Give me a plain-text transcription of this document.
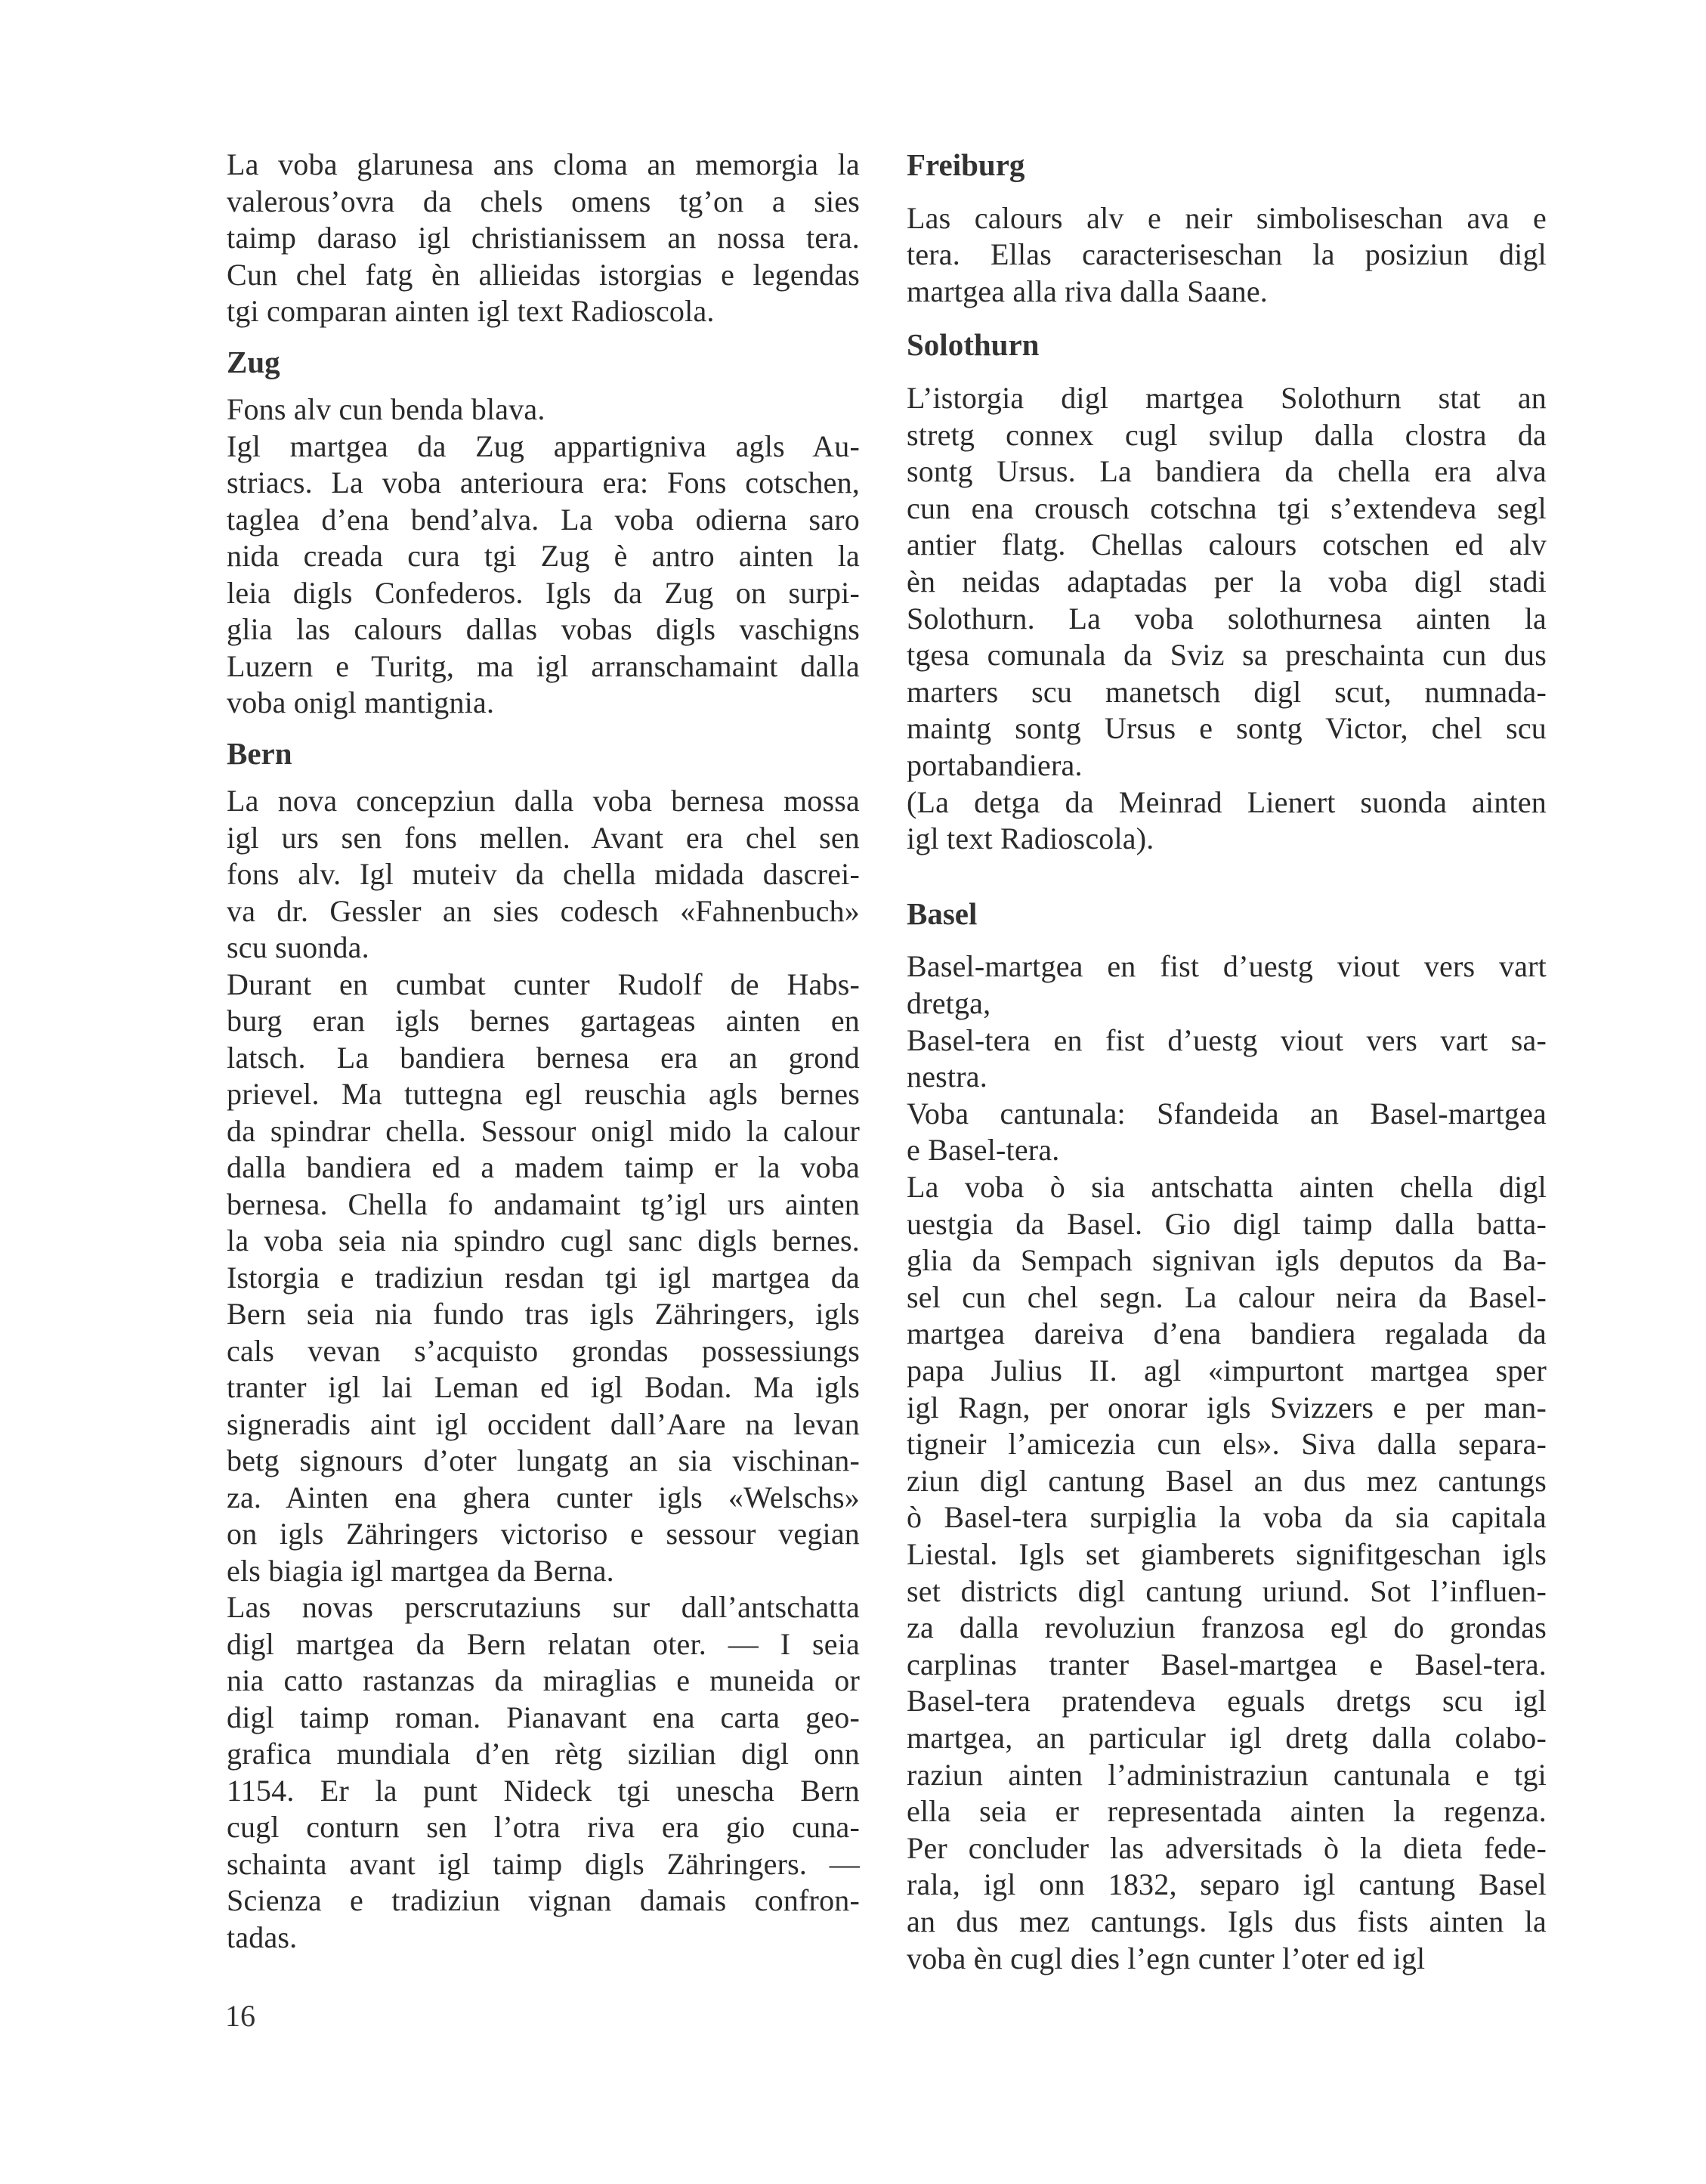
La voba glarunesa ans cloma an memorgia la
valerous’ovra da chels omens tg’on a sies
taimp daraso igl christianissem an nossa tera.
Cun chel fatg èn allieidas istorgias e legendas
tgi comparan ainten igl text Radioscola.
Zug
Fons alv cun benda blava.
Igl martgea da Zug appartigniva agls Au-
striacs. La voba anterioura era: Fons cotschen,
taglea d’ena bend’alva. La voba odierna saro
nida creada cura tgi Zug è antro ainten la
leia digls Confederos. Igls da Zug on surpi-
glia las calours dallas vobas digls vaschigns
Luzern e Turitg, ma igl arranschamaint dalla
voba onigl mantignia.
Bern
La nova concepziun dalla voba bernesa mossa
igl urs sen fons mellen. Avant era chel sen
fons alv. Igl muteiv da chella midada dascrei-
va dr. Gessler an sies codesch «Fahnenbuch»
scu suonda.
Durant en cumbat cunter Rudolf de Habs-
burg eran igls bernes gartageas ainten en
latsch. La bandiera bernesa era an grond
prievel. Ma tuttegna egl reuschia agls bernes
da spindrar chella. Sessour onigl mido la calour
dalla bandiera ed a madem taimp er la voba
bernesa. Chella fo andamaint tg’igl urs ainten
la voba seia nia spindro cugl sanc digls bernes.
Istorgia e tradiziun resdan tgi igl martgea da
Bern seia nia fundo tras igls Zähringers, igls
cals vevan s’acquisto grondas possessiungs
tranter igl lai Leman ed igl Bodan. Ma igls
signeradis aint igl occident dall’Aare na levan
betg signours d’oter lungatg an sia vischinan-
za. Ainten ena ghera cunter igls «Welschs»
on igls Zähringers victoriso e sessour vegian
els biagia igl martgea da Berna.
Las novas perscrutaziuns sur dall’antschatta
digl martgea da Bern relatan oter. — I seia
nia catto rastanzas da miraglias e muneida or
digl taimp roman. Pianavant ena carta geo-
grafica mundiala d’en rètg sizilian digl onn
1154. Er la punt Nideck tgi unescha Bern
cugl conturn sen l’otra riva era gio cuna-
schainta avant igl taimp digls Zähringers. —
Scienza e tradiziun vignan damais confron-
tadas.
Freiburg
Las calours alv e neir simboliseschan ava e
tera. Ellas caracteriseschan la posiziun digl
martgea alla riva dalla Saane.
Solothurn
L’istorgia digl martgea Solothurn stat an
stretg connex cugl svilup dalla clostra da
sontg Ursus. La bandiera da chella era alva
cun ena crousch cotschna tgi s’extendeva segl
antier flatg. Chellas calours cotschen ed alv
èn neidas adaptadas per la voba digl stadi
Solothurn. La voba solothurnesa ainten la
tgesa comunala da Sviz sa preschainta cun dus
marters scu manetsch digl scut, numnada-
maintg sontg Ursus e sontg Victor, chel scu
portabandiera.
(La detga da Meinrad Lienert suonda ainten
igl text Radioscola).
Basel
Basel-martgea en fist d’uestg viout vers vart
dretga,
Basel-tera en fist d’uestg viout vers vart sa-
nestra.
Voba cantunala: Sfandeida an Basel-martgea
e Basel-tera.
La voba ò sia antschatta ainten chella digl
uestgia da Basel. Gio digl taimp dalla batta-
glia da Sempach signivan igls deputos da Ba-
sel cun chel segn. La calour neira da Basel-
martgea dareiva d’ena bandiera regalada da
papa Julius II. agl «impurtont martgea sper
igl Ragn, per onorar igls Svizzers e per man-
tigneir l’amicezia cun els». Siva dalla separa-
ziun digl cantung Basel an dus mez cantungs
ò Basel-tera surpiglia la voba da sia capitala
Liestal. Igls set giamberets signifitgeschan igls
set districts digl cantung uriund. Sot l’influen-
za dalla revoluziun franzosa egl do grondas
carplinas tranter Basel-martgea e Basel-tera.
Basel-tera pratendeva eguals dretgs scu igl
martgea, an particular igl dretg dalla colabo-
raziun ainten l’administraziun cantunala e tgi
ella seia er representada ainten la regenza.
Per concluder las adversitads ò la dieta fede-
rala, igl onn 1832, separo igl cantung Basel
an dus mez cantungs. Igls dus fists ainten la
voba èn cugl dies l’egn cunter l’oter ed igl
16
